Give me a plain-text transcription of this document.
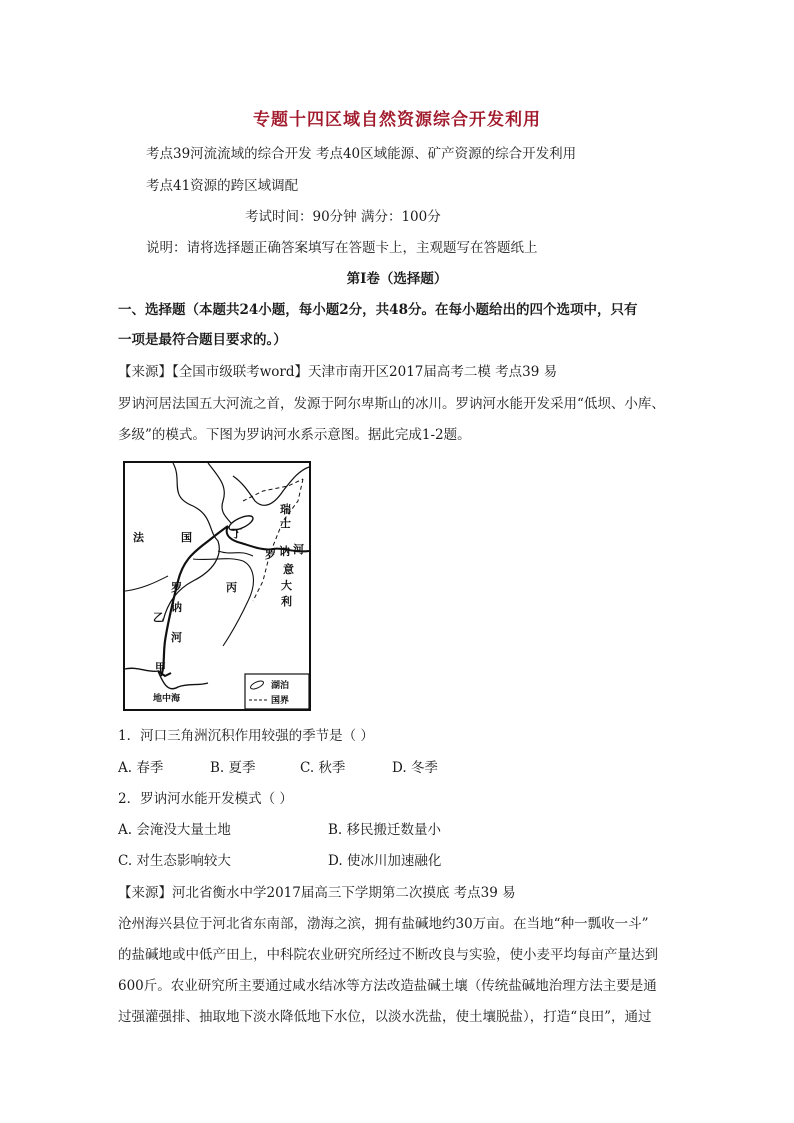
专题十四区域自然资源综合开发利用
考点39河流流域的综合开发 考点40区域能源、矿产资源的综合开发利用
考点41资源的跨区域调配
考试时间：90分钟 满分：100分
说明：请将选择题正确答案填写在答题卡上，主观题写在答题纸上
第Ⅰ卷（选择题）
一、选择题（本题共24小题，每小题2分，共48分。在每小题给出的四个选项中，只有
一项是最符合题目要求的。）
【来源】【全国市级联考word】天津市南开区2017届高考二模 考点39 易
罗讷河居法国五大河流之首，发源于阿尔卑斯山的冰川。罗讷河水能开发采用“低坝、小库、
多级”的模式。下图为罗讷河水系示意图。据此完成1-2题。
法	国
瑞
士
丁
罗 讷 河
意
大
利
罗
讷
河
丙
乙
甲
地中海
湖泊
国界
1．河口三角洲沉积作用较强的季节是（ ）
A. 春季	B. 夏季	C. 秋季	D. 冬季
2．罗讷河水能开发模式（ ）
A. 会淹没大量土地	B. 移民搬迁数量小
C. 对生态影响较大	D. 使冰川加速融化
【来源】河北省衡水中学2017届高三下学期第二次摸底 考点39 易
沧州海兴县位于河北省东南部，渤海之滨，拥有盐碱地约30万亩。在当地“种一瓢收一斗”
的盐碱地或中低产田上，中科院农业研究所经过不断改良与实验，使小麦平均每亩产量达到
600斤。农业研究所主要通过咸水结冰等方法改造盐碱土壤（传统盐碱地治理方法主要是通
过强灌强排、抽取地下淡水降低地下水位，以淡水洗盐，使土壤脱盐），打造“良田”，通过
